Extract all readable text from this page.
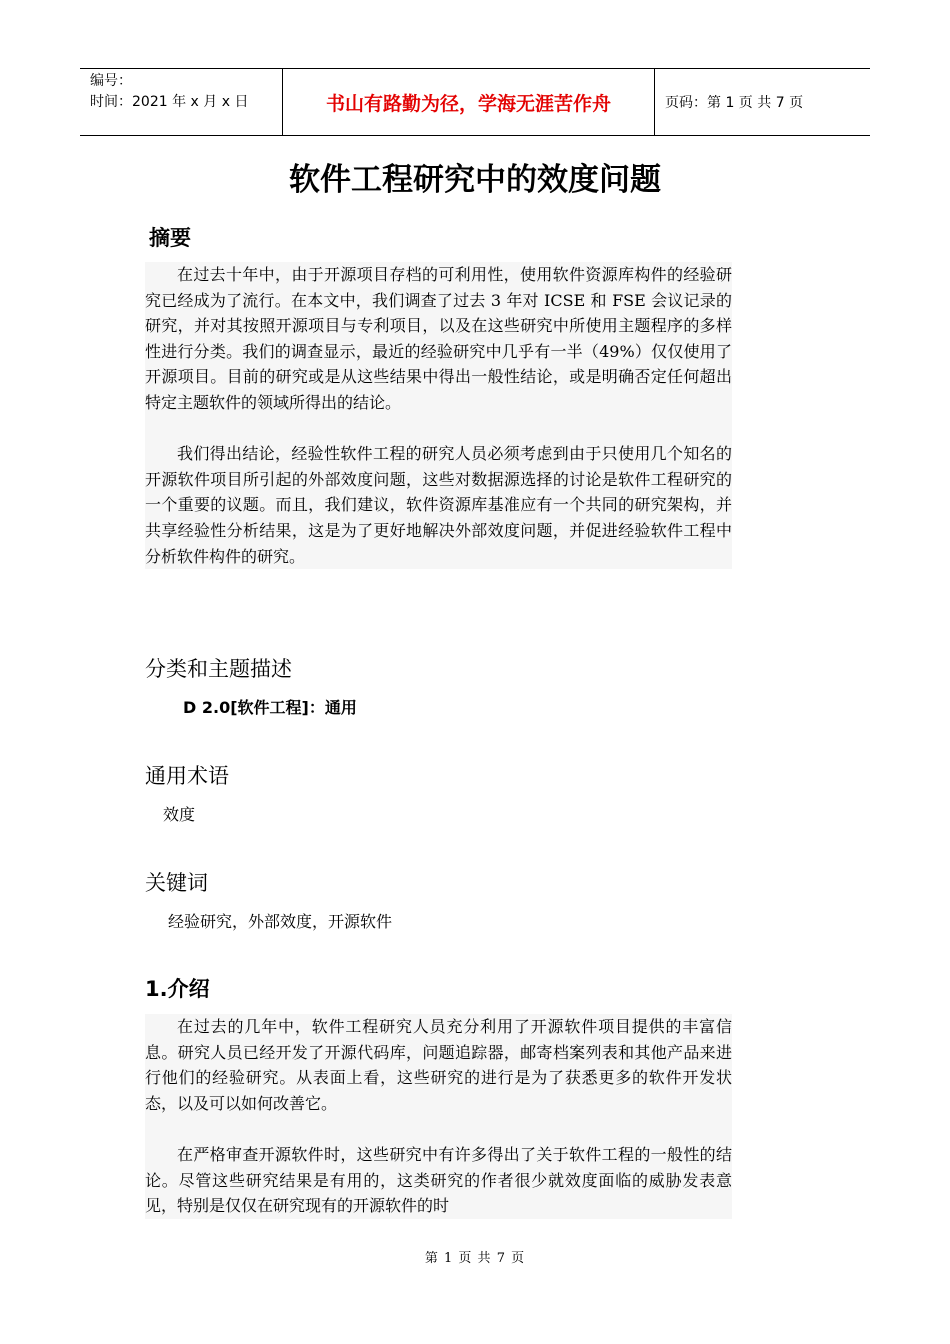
编号：
时间：2021 年 x 月 x 日	书山有路勤为径，学海无涯苦作舟	页码：第 1 页 共 7 页
软件工程研究中的效度问题
摘要

在过去十年中，由于开源项目存档的可利用性，使用软件资源库构件的经验研究已经成为了流行。在本文中，我们调查了过去 3 年对 ICSE 和 FSE 会议记录的研究，并对其按照开源项目与专利项目，以及在这些研究中所使用主题程序的多样性进行分类。我们的调查显示，最近的经验研究中几乎有一半（49%）仅仅使用了开源项目。目前的研究或是从这些结果中得出一般性结论，或是明确否定任何超出特定主题软件的领域所得出的结论。

我们得出结论，经验性软件工程的研究人员必须考虑到由于只使用几个知名的开源软件项目所引起的外部效度问题，这些对数据源选择的讨论是软件工程研究的一个重要的议题。而且，我们建议，软件资源库基准应有一个共同的研究架构，并共享经验性分析结果，这是为了更好地解决外部效度问题，并促进经验软件工程中分析软件构件的研究。

分类和主题描述
D 2.0[软件工程]：通用
通用术语
效度
关键词
经验研究，外部效度，开源软件
1.介绍

在过去的几年中，软件工程研究人员充分利用了开源软件项目提供的丰富信息。研究人员已经开发了开源代码库，问题追踪器，邮寄档案列表和其他产品来进行他们的经验研究。从表面上看，这些研究的进行是为了获悉更多的软件开发状态，以及可以如何改善它。

在严格审查开源软件时，这些研究中有许多得出了关于软件工程的一般性的结论。尽管这些研究结果是有用的，这类研究的作者很少就效度面临的威胁发表意见，特别是仅仅在研究现有的开源软件的时

第 1 页 共 7 页
